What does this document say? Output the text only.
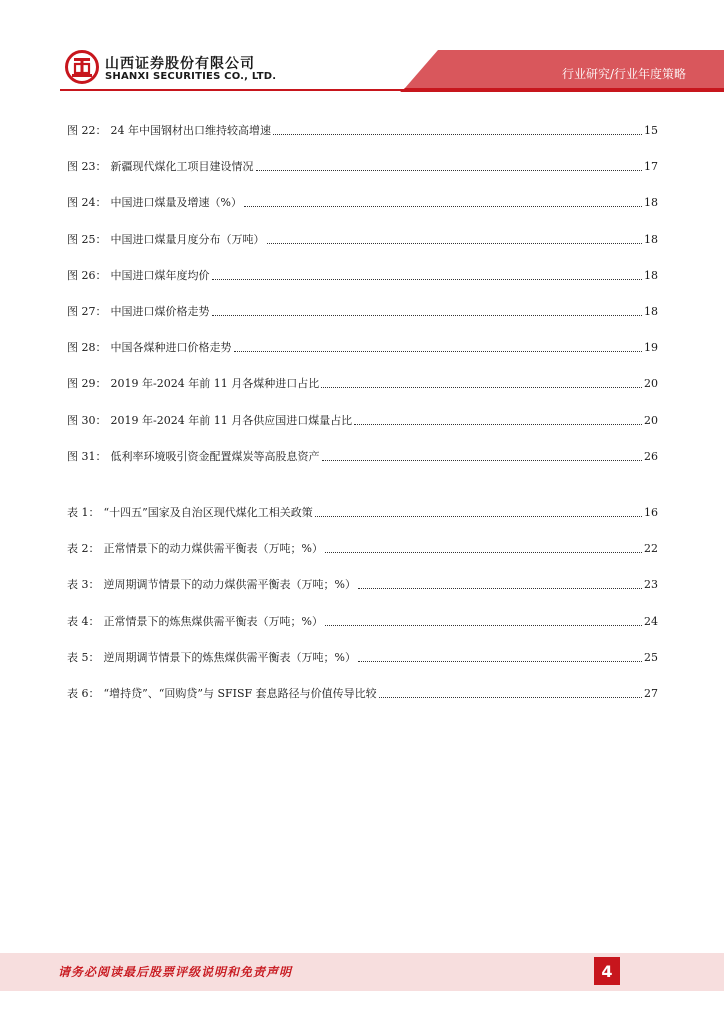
山西证券股份有限公司
SHANXI SECURITIES CO., LTD.	行业研究/行业年度策略
图 22： 24 年中国钢材出口维持较高增速	15
图 23： 新疆现代煤化工项目建设情况	17
图 24： 中国进口煤量及增速（%）	18
图 25： 中国进口煤量月度分布（万吨）	18
图 26： 中国进口煤年度均价	18
图 27： 中国进口煤价格走势	18
图 28： 中国各煤种进口价格走势	19
图 29： 2019 年-2024 年前 11 月各煤种进口占比	20
图 30： 2019 年-2024 年前 11 月各供应国进口煤量占比	20
图 31： 低利率环境吸引资金配置煤炭等高股息资产	26
表 1： “十四五”国家及自治区现代煤化工相关政策	16
表 2： 正常情景下的动力煤供需平衡表（万吨；%）	22
表 3： 逆周期调节情景下的动力煤供需平衡表（万吨；%）	23
表 4： 正常情景下的炼焦煤供需平衡表（万吨；%）	24
表 5： 逆周期调节情景下的炼焦煤供需平衡表（万吨；%）	25
表 6： “增持贷”、“回购贷”与 SFISF 套息路径与价值传导比较	27
请务必阅读最后股票评级说明和免责声明	4
